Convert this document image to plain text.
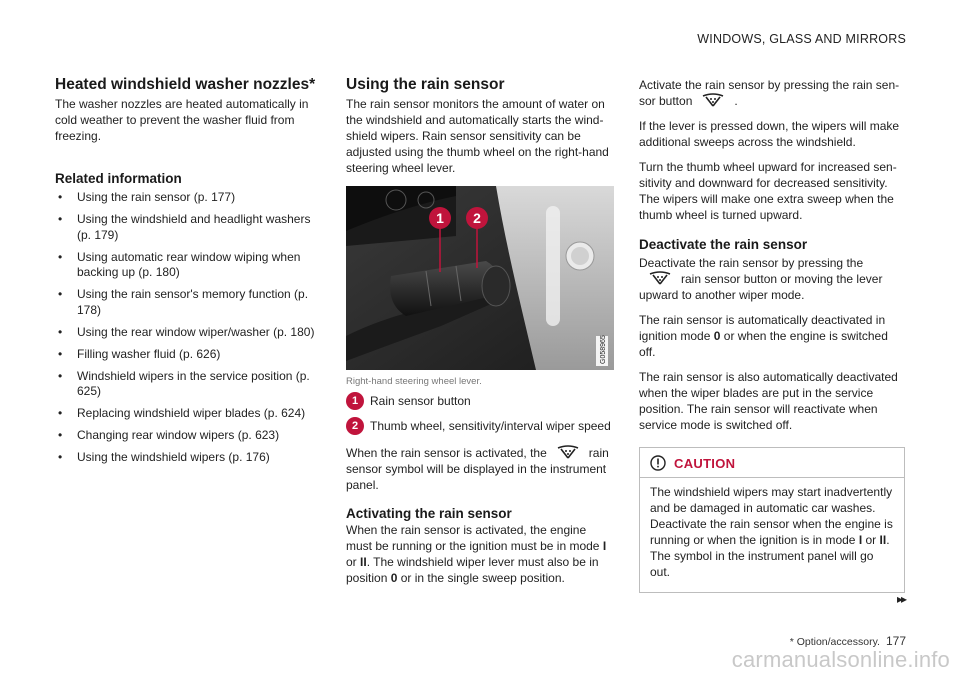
WINDOWS, GLASS AND MIRRORS
Heated windshield washer nozzles*

The washer nozzles are heated automatically in cold weather to prevent the washer fluid from freezing.

Related information
• Using the rain sensor (p. 177)
• Using the windshield and headlight washers (p. 179)
• Using automatic rear window wiping when backing up (p. 180)
• Using the rain sensor's memory function (p. 178)
• Using the rear window wiper/washer (p. 180)
• Filling washer fluid (p. 626)
• Windshield wipers in the service position (p. 625)
• Replacing windshield wiper blades (p. 624)
• Changing rear window wipers (p. 623)
• Using the windshield wipers (p. 176)
Using the rain sensor

The rain sensor monitors the amount of water on the windshield and automatically starts the wind-shield wipers. Rain sensor sensitivity can be adjusted using the thumb wheel on the right-hand steering wheel lever.

1 2
G058965
Right-hand steering wheel lever.
1 Rain sensor button

2 Thumb wheel, sensitivity/interval wiper speed

When the rain sensor is activated, the	rain sensor symbol will be displayed in the instrument panel.

Activating the rain sensor

When the rain sensor is activated, the engine must be running or the ignition must be in mode I or II. The windshield wiper lever must also be in position 0 or in the single sweep position.

Activate the rain sensor by pressing the rain sen-sor button	.

If the lever is pressed down, the wipers will make additional sweeps across the windshield.

Turn the thumb wheel upward for increased sen-sitivity and downward for decreased sensitivity. The wipers will make one extra sweep when the thumb wheel is turned upward.

Deactivate the rain sensor

Deactivate the rain sensor by pressing therain sensor button or moving the lever upward to another wiper mode.

The rain sensor is automatically deactivated in ignition mode 0 or when the engine is switched off.

The rain sensor is also automatically deactivated when the wiper blades are put in the service position. The rain sensor will reactivate when service mode is switched off.

CAUTION

The windshield wipers may start inadvertently and be damaged in automatic car washes. Deactivate the rain sensor when the engine is running or when the ignition is in mode I or II. The symbol in the instrument panel will go out.

▸▸
* Option/accessory. 177
carmanualsonline.info
